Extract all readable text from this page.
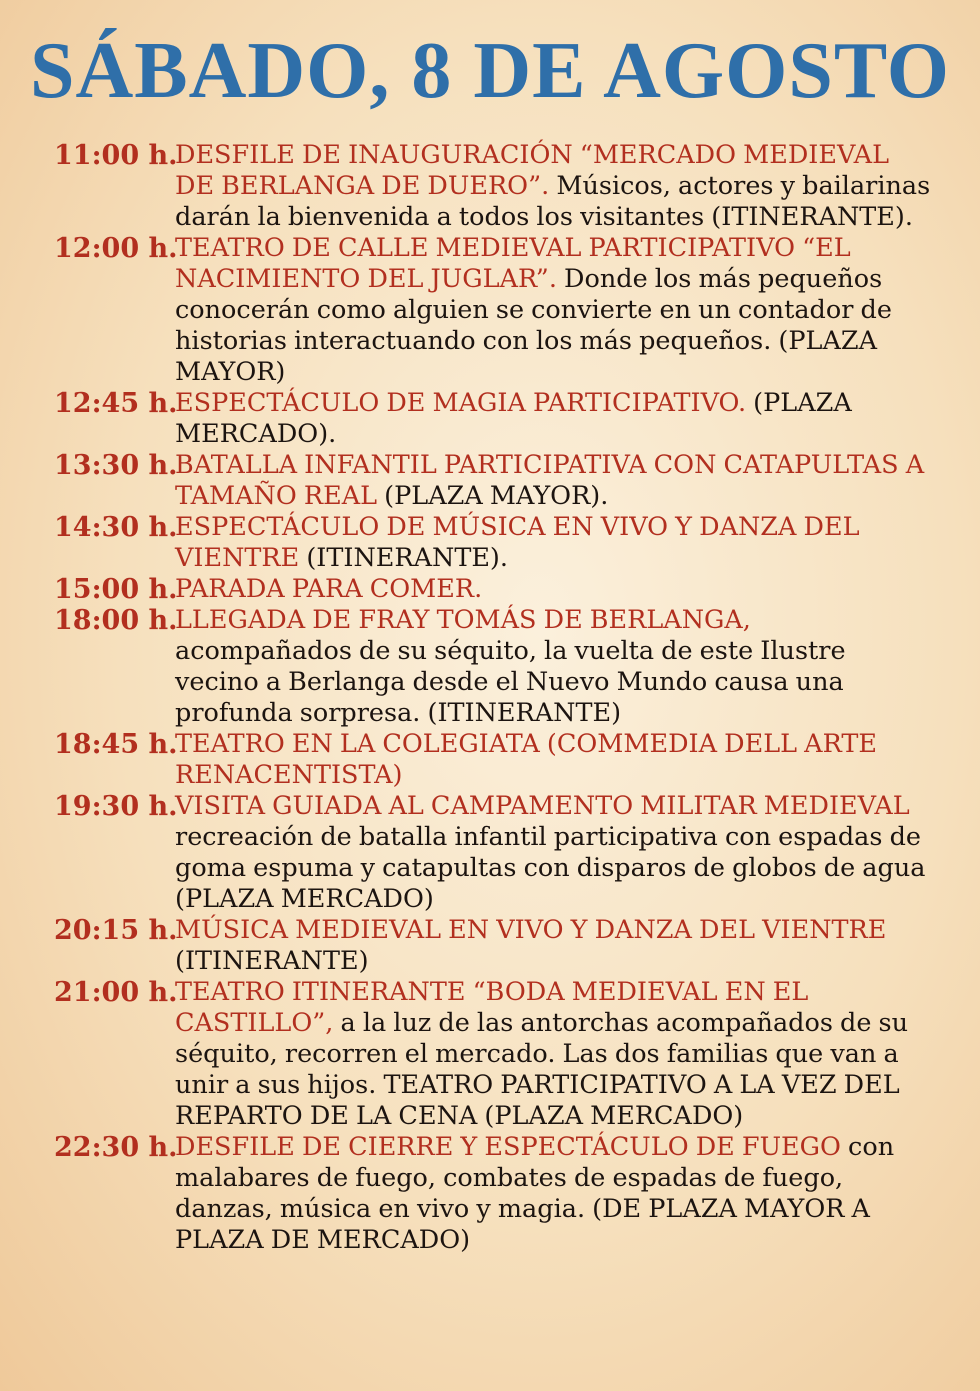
SÁBADO, 8 DE AGOSTO
11:00 h.
DESFILE DE INAUGURACIÓN “MERCADO MEDIEVAL DE BERLANGA DE DUERO”. Músicos, actores y bailarinas darán la bienvenida a todos los visitantes (ITINERANTE).
12:00 h.
TEATRO DE CALLE MEDIEVAL PARTICIPATIVO “EL NACIMIENTO DEL JUGLAR”. Donde los más pequeños conocerán como alguien se convierte en un contador de historias interactuando con los más pequeños. (PLAZA MAYOR)
12:45 h.
ESPECTÁCULO DE MAGIA PARTICIPATIVO. (PLAZA MERCADO).
13:30 h.
BATALLA INFANTIL PARTICIPATIVA CON CATAPULTAS A TAMAÑO REAL (PLAZA MAYOR).
14:30 h.
ESPECTÁCULO DE MÚSICA EN VIVO Y DANZA DEL VIENTRE (ITINERANTE).
15:00 h.
PARADA PARA COMER.
18:00 h.
LLEGADA DE FRAY TOMÁS DE BERLANGA, acompañados de su séquito, la vuelta de este Ilustre vecino a Berlanga desde el Nuevo Mundo causa una profunda sorpresa. (ITINERANTE)
18:45 h.
TEATRO EN LA COLEGIATA (COMMEDIA DELL ARTE RENACENTISTA)
19:30 h.
VISITA GUIADA AL CAMPAMENTO MILITAR MEDIEVAL recreación de batalla infantil participativa con espadas de goma espuma y catapultas con disparos de globos de agua (PLAZA MERCADO)
20:15 h.
MÚSICA MEDIEVAL EN VIVO Y DANZA DEL VIENTRE (ITINERANTE)
21:00 h.
TEATRO ITINERANTE “BODA MEDIEVAL EN EL CASTILLO”, a la luz de las antorchas acompañados de su séquito, recorren el mercado. Las dos familias que van a unir a sus hijos. TEATRO PARTICIPATIVO A LA VEZ DEL REPARTO DE LA CENA (PLAZA MERCADO)
22:30 h.
DESFILE DE CIERRE Y ESPECTÁCULO DE FUEGO con malabares de fuego, combates de espadas de fuego, danzas, música en vivo y magia. (DE PLAZA MAYOR A PLAZA DE MERCADO)
